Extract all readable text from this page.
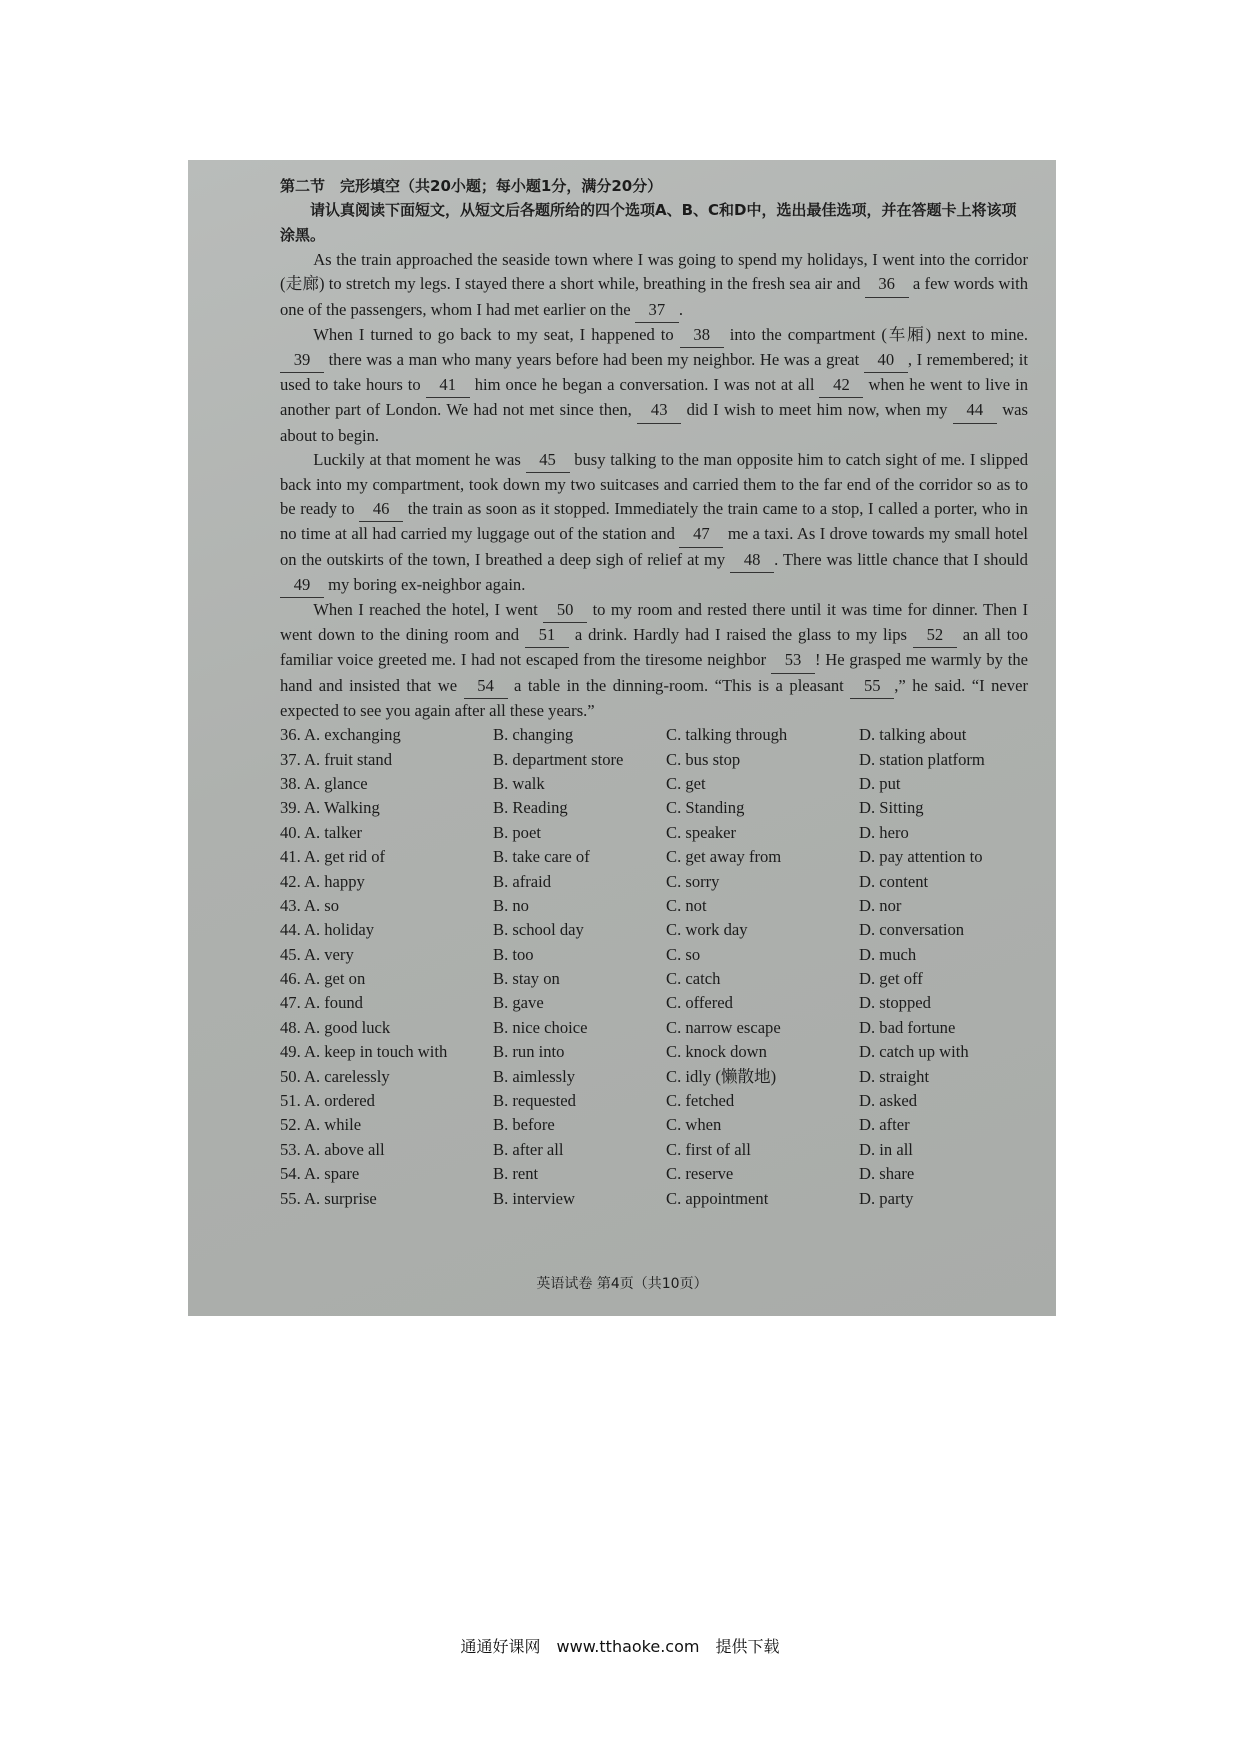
第二节　完形填空（共20小题；每小题1分，满分20分）
请认真阅读下面短文，从短文后各题所给的四个选项A、B、C和D中，选出最佳选项，并在答题卡上将该项涂黑。

As the train approached the seaside town where I was going to spend my holidays, I went into the corridor (走廊) to stretch my legs. I stayed there a short while, breathing in the fresh sea air and 36 a few words with one of the passengers, whom I had met earlier on the 37 .

When I turned to go back to my seat, I happened to 38 into the compartment (车厢) next to mine. 39 there was a man who many years before had been my neighbor. He was a great 40 , I remembered; it used to take hours to 41 him once he began a conversation. I was not at all 42 when he went to live in another part of London. We had not met since then, 43 did I wish to meet him now, when my 44 was about to begin.

Luckily at that moment he was 45 busy talking to the man opposite him to catch sight of me. I slipped back into my compartment, took down my two suitcases and carried them to the far end of the corridor so as to be ready to 46 the train as soon as it stopped. Immediately the train came to a stop, I called a porter, who in no time at all had carried my luggage out of the station and 47 me a taxi. As I drove towards my small hotel on the outskirts of the town, I breathed a deep sigh of relief at my 48 . There was little chance that I should 49 my boring ex-neighbor again.

When I reached the hotel, I went 50 to my room and rested there until it was time for dinner. Then I went down to the dining room and 51 a drink. Hardly had I raised the glass to my lips 52 an all too familiar voice greeted me. I had not escaped from the tiresome neighbor 53 ! He grasped me warmly by the hand and insisted that we 54 a table in the dinning-room. “This is a pleasant 55 ,” he said. “I never expected to see you again after all these years.”

36. A. exchanging	B. changing	C. talking through	D. talking about
37. A. fruit stand	B. department store	C. bus stop	D. station platform
38. A. glance	B. walk	C. get	D. put
39. A. Walking	B. Reading	C. Standing	D. Sitting
40. A. talker	B. poet	C. speaker	D. hero
41. A. get rid of	B. take care of	C. get away from	D. pay attention to
42. A. happy	B. afraid	C. sorry	D. content
43. A. so	B. no	C. not	D. nor
44. A. holiday	B. school day	C. work day	D. conversation
45. A. very	B. too	C. so	D. much
46. A. get on	B. stay on	C. catch	D. get off
47. A. found	B. gave	C. offered	D. stopped
48. A. good luck	B. nice choice	C. narrow escape	D. bad fortune
49. A. keep in touch with	B. run into	C. knock down	D. catch up with
50. A. carelessly	B. aimlessly	C. idly (懒散地)	D. straight
51. A. ordered	B. requested	C. fetched	D. asked
52. A. while	B. before	C. when	D. after
53. A. above all	B. after all	C. first of all	D. in all
54. A. spare	B. rent	C. reserve	D. share
55. A. surprise	B. interview	C. appointment	D. party
英语试卷 第4页（共10页）
通通好课网　www.tthaoke.com　提供下载
